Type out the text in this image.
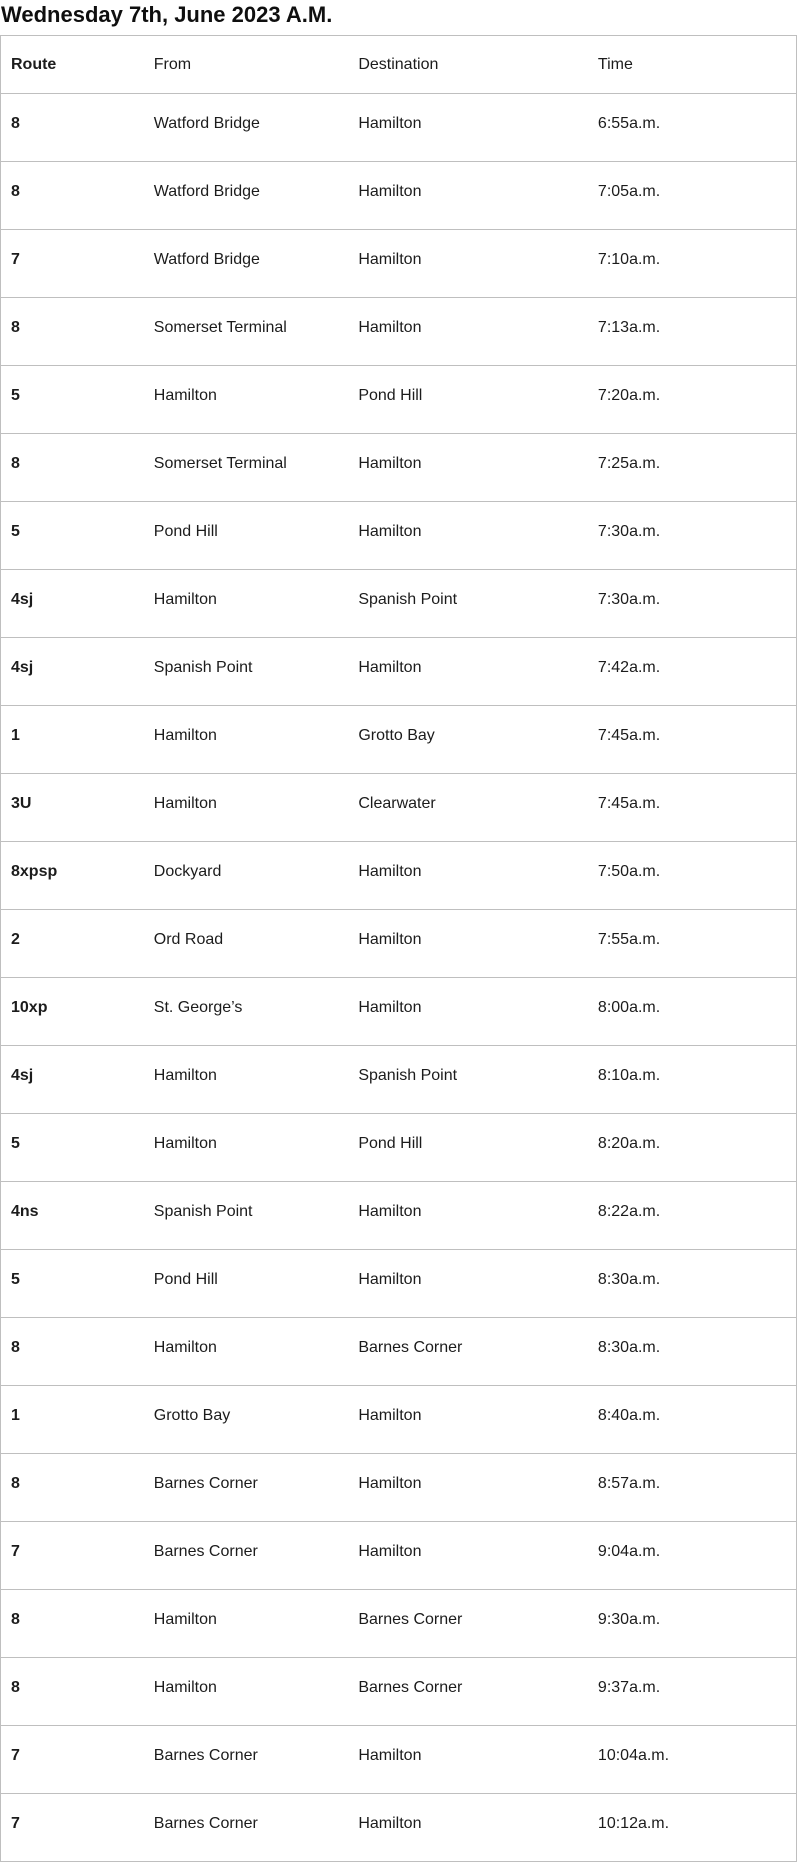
Wednesday 7th, June 2023 A.M.
Route	From	Destination	Time
8	Watford Bridge	Hamilton	6:55a.m.
8	Watford Bridge	Hamilton	7:05a.m.
7	Watford Bridge	Hamilton	7:10a.m.
8	Somerset Terminal	Hamilton	7:13a.m.
5	Hamilton	Pond Hill	7:20a.m.
8	Somerset Terminal	Hamilton	7:25a.m.
5	Pond Hill	Hamilton	7:30a.m.
4sj	Hamilton	Spanish Point	7:30a.m.
4sj	Spanish Point	Hamilton	7:42a.m.
1	Hamilton	Grotto Bay	7:45a.m.
3U	Hamilton	Clearwater	7:45a.m.
8xpsp	Dockyard	Hamilton	7:50a.m.
2	Ord Road	Hamilton	7:55a.m.
10xp	St. George’s	Hamilton	8:00a.m.
4sj	Hamilton	Spanish Point	8:10a.m.
5	Hamilton	Pond Hill	8:20a.m.
4ns	Spanish Point	Hamilton	8:22a.m.
5	Pond Hill	Hamilton	8:30a.m.
8	Hamilton	Barnes Corner	8:30a.m.
1	Grotto Bay	Hamilton	8:40a.m.
8	Barnes Corner	Hamilton	8:57a.m.
7	Barnes Corner	Hamilton	9:04a.m.
8	Hamilton	Barnes Corner	9:30a.m.
8	Hamilton	Barnes Corner	9:37a.m.
7	Barnes Corner	Hamilton	10:04a.m.
7	Barnes Corner	Hamilton	10:12a.m.
